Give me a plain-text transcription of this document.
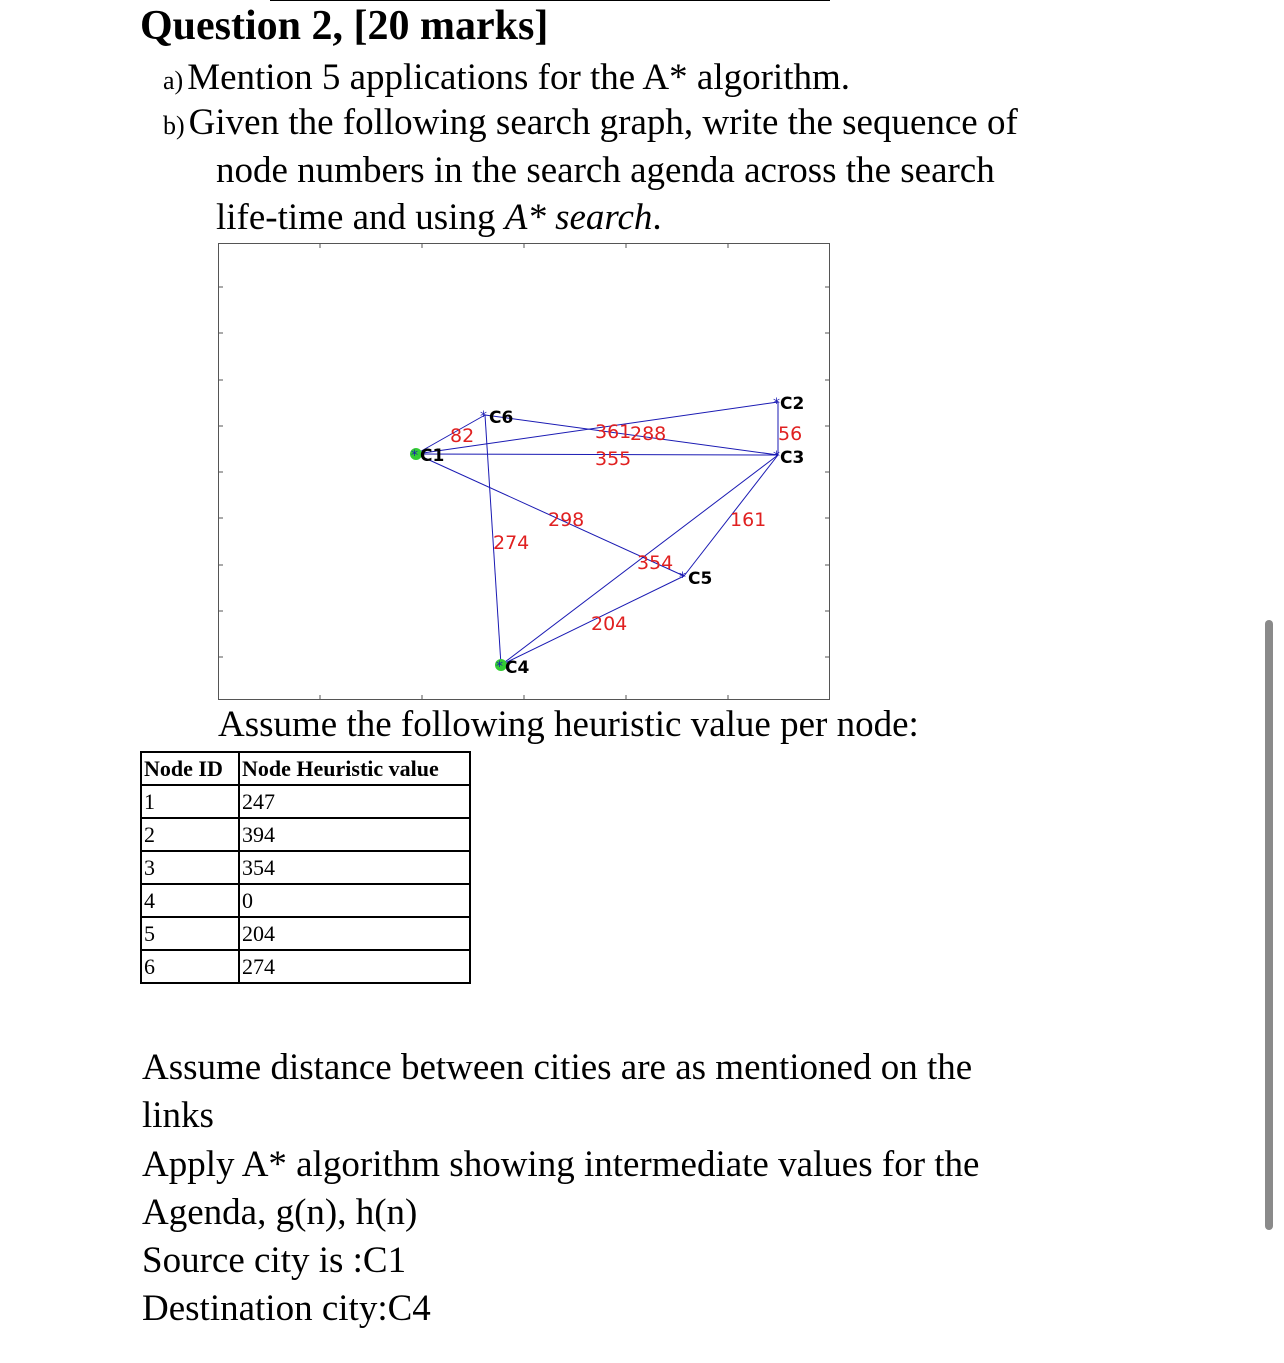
Question 2, [20 marks]
a) Mention 5 applications for the A* algorithm.
b) Given the following search graph, write the sequence of
node numbers in the search agenda across the search
life-time and using A* search.
82	288
361
355
56
298
274
354
161
204
* C1
* C2
* C3
* C4
* C5
* C6
Assume the following heuristic value per node:
Node ID	Node Heuristic value
1	247
2	394
3	354
4	0
5	204
6	274
Assume distance between cities are as mentioned on the
links
Apply A* algorithm showing intermediate values for the
Agenda, g(n), h(n)
Source city is :C1
Destination city:C4
